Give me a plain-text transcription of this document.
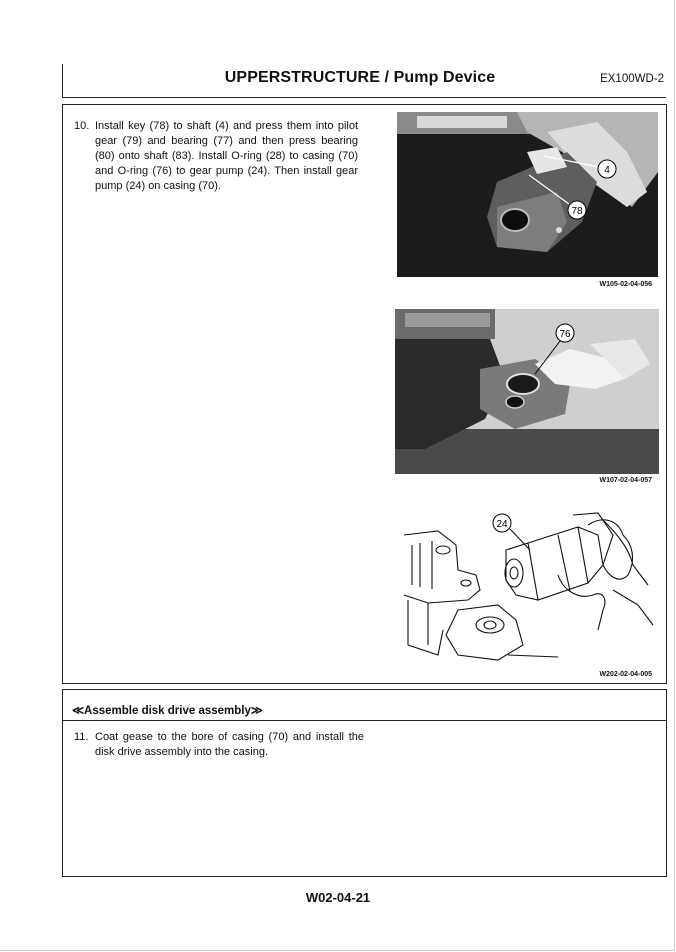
UPPERSTRUCTURE / Pump Device	EX100WD-2
10. Install key (78) to shaft (4) and press them into pilot gear (79) and bearing (77) and then press bearing (80) onto shaft (83). Install O-ring (28) to casing (70) and O-ring (76) to gear pump (24). Then install gear pump (24) on casing (70).
4
78
W105-02-04-056
76
W107-02-04-057
24
W202-02-04-005
≪Assemble disk drive assembly≫
11. Coat gease to the bore of casing (70) and install the disk drive assembly into the casing.
W02-04-21
